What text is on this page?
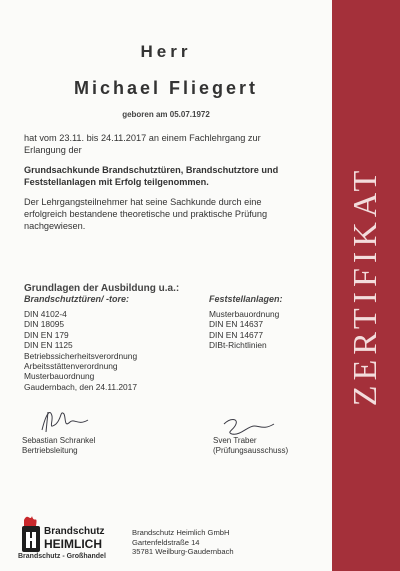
ZERTIFIKAT
Herr
Michael Fliegert
geboren am 05.07.1972
hat vom 23.11. bis 24.11.2017 an einem Fachlehrgang zur Erlangung der
Grundsachkunde Brandschutztüren, Brandschutztore und Feststellanlagen mit Erfolg teilgenommen.
Der Lehrgangsteilnehmer hat seine Sachkunde durch eine erfolgreich bestandene theoretische und praktische Prüfung nachgewiesen.
Grundlagen der Ausbildung u.a.:
Brandschutztüren/ -tore:	Feststellanlagen:
DIN 4102-4
DIN 18095
DIN EN 179
DIN EN 1125
Betriebssicherheitsverordnung
Arbeitsstättenverordnung
Musterbauordnung
Gaudernbach, den 24.11.2017
Musterbauordnung
DIN EN 14637
DIN EN 14677
DIBt-Richtlinien
Sebastian Schrankel
Bertriebsleitung
Sven Traber
(Prüfungsausschuss)
Brandschutz
HEIMLICH
Brandschutz - Großhandel
Brandschutz Heimlich GmbH
Gartenfeldstraße 14
35781 Weilburg-Gaudernbach
